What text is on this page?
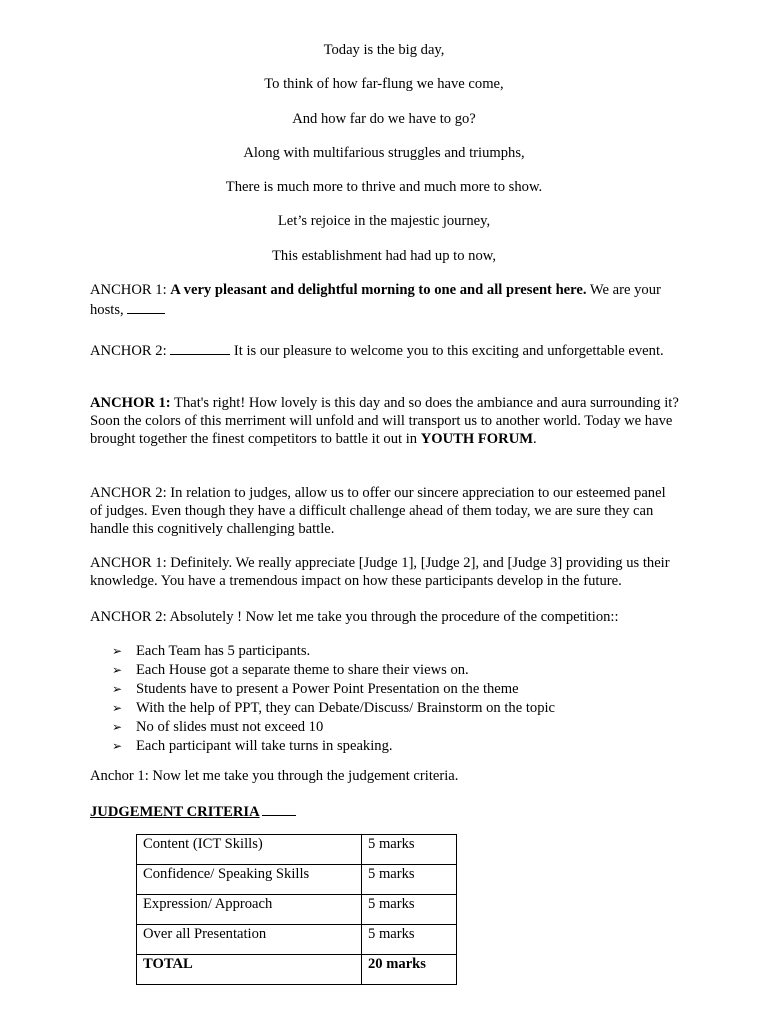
Today is the big day,
To think of how far-flung we have come,
And how far do we have to go?
Along with multifarious struggles and triumphs,
There is much more to thrive and much more to show.
Let’s rejoice in the majestic journey,
This establishment had had up to now,
ANCHOR 1: A very pleasant and delightful morning to one and all present here. We are your hosts,
ANCHOR 2:	It is our pleasure to welcome you to this exciting and unforgettable event.
ANCHOR 1: That's right! How lovely is this day and so does the ambiance and aura surrounding it? Soon the colors of this merriment will unfold and will transport us to another world. Today we have brought together the finest competitors to battle it out in YOUTH FORUM.
ANCHOR 2: In relation to judges, allow us to offer our sincere appreciation to our esteemed panel of judges. Even though they have a difficult challenge ahead of them today, we are sure they can handle this cognitively challenging battle.
ANCHOR 1: Definitely. We really appreciate [Judge 1], [Judge 2], and [Judge 3] providing us their knowledge. You have a tremendous impact on how these participants develop in the future.
ANCHOR 2: Absolutely ! Now let me take you through the procedure of the competition::
➢ Each Team has 5 participants.
➢ Each House got a separate theme to share their views on.
➢ Students have to present a Power Point Presentation on the theme
➢ With the help of PPT, they can Debate/Discuss/ Brainstorm on the topic
➢ No of slides must not exceed 10
➢ Each participant will take turns in speaking.
Anchor 1: Now let me take you through the judgement criteria.
JUDGEMENT CRITERIA
Content (ICT Skills)	5 marks
Confidence/ Speaking Skills	5 marks
Expression/ Approach	5 marks
Over all Presentation	5 marks
TOTAL	20 marks
